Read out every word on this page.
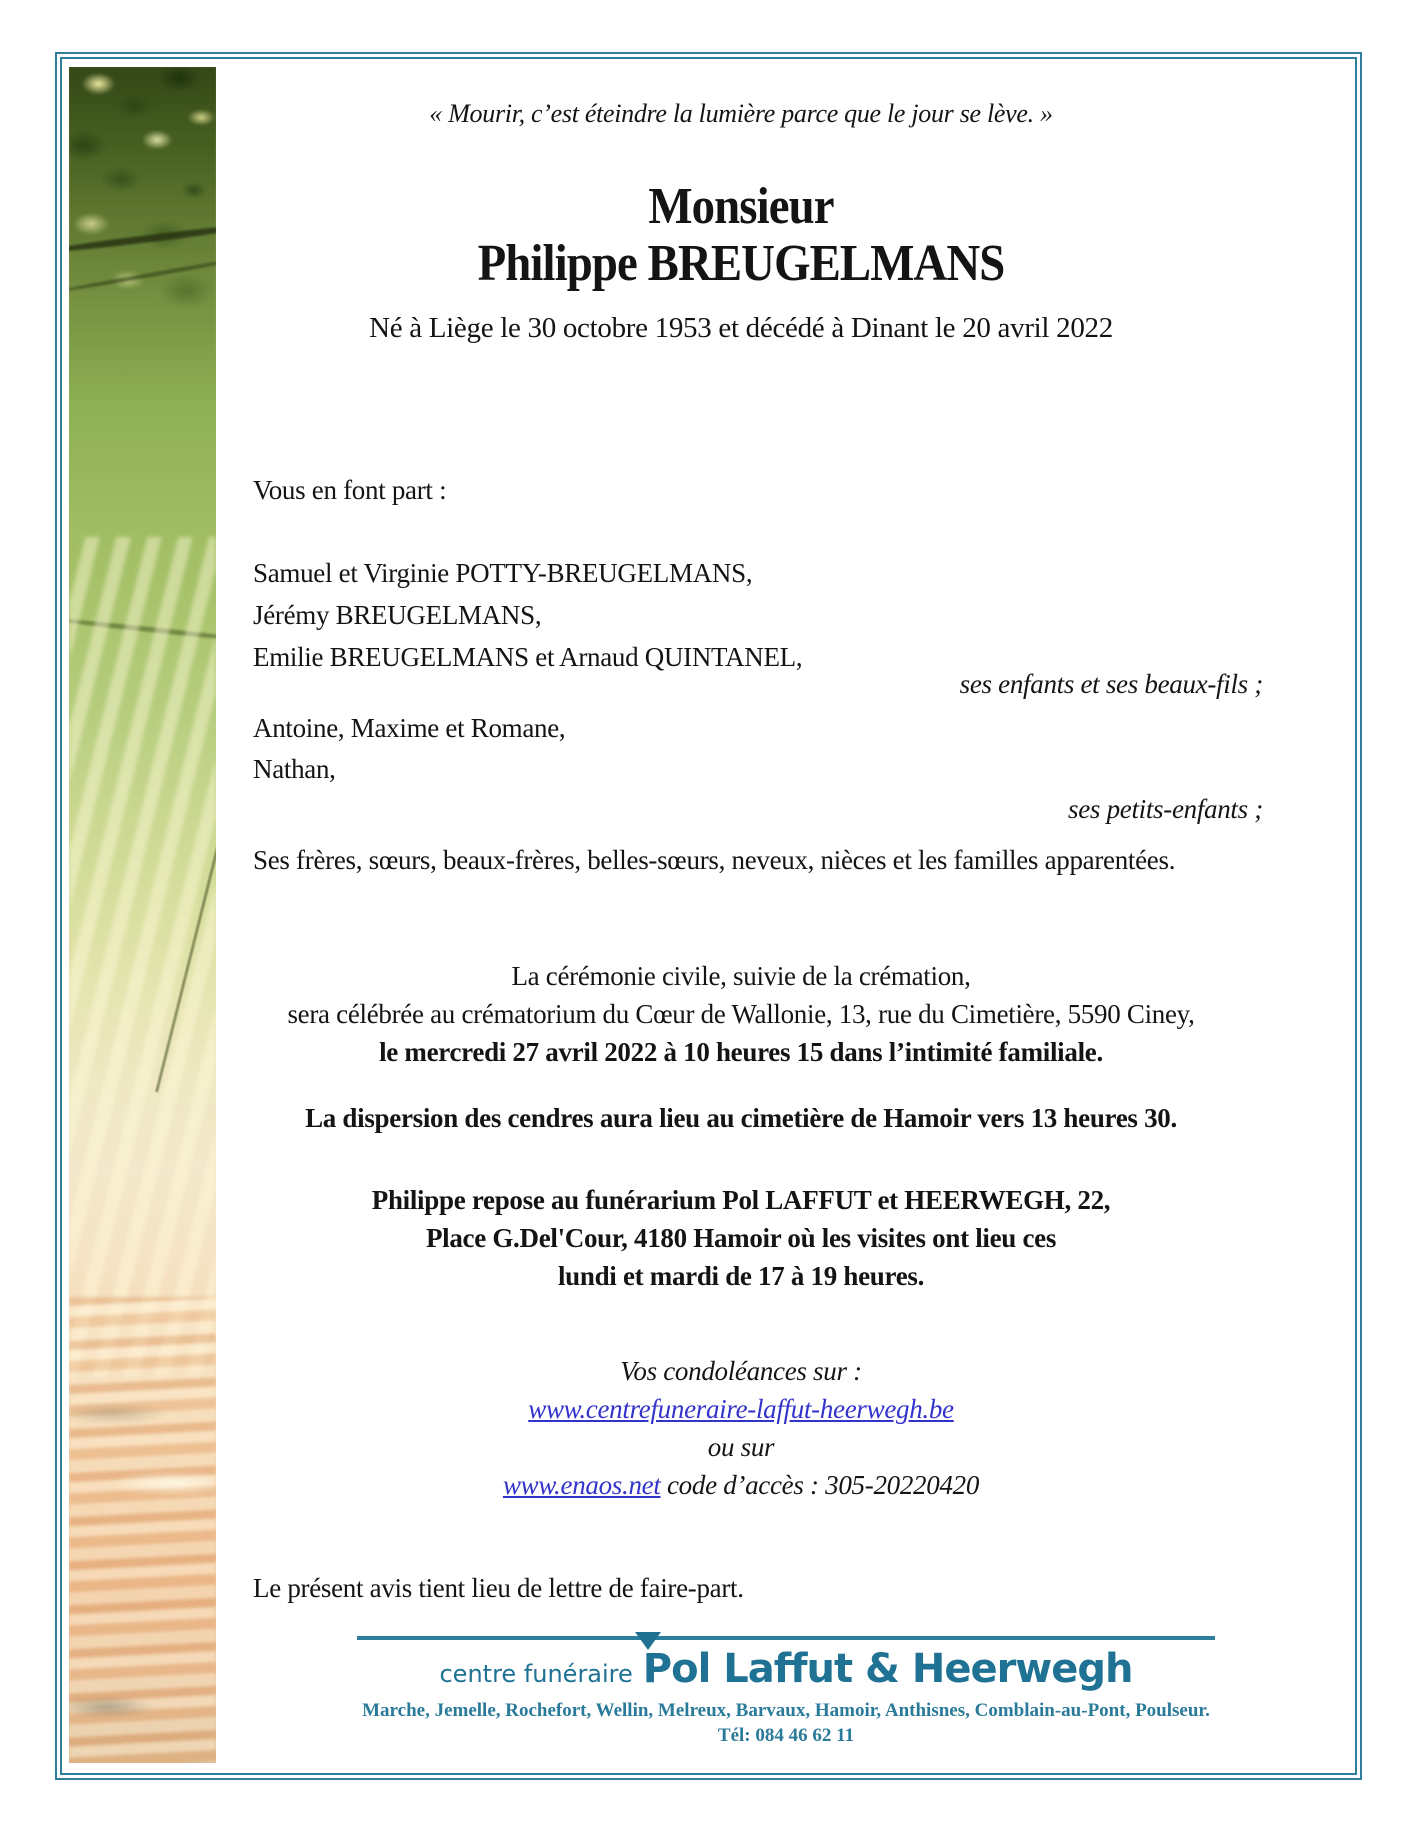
« Mourir, c’est éteindre la lumière parce que le jour se lève. »
Monsieur
Philippe BREUGELMANS
Né à Liège le 30 octobre 1953 et décédé à Dinant le 20 avril 2022
Vous en font part :
Samuel et Virginie POTTY-BREUGELMANS,
Jérémy BREUGELMANS,
Emilie BREUGELMANS et Arnaud QUINTANEL,
ses enfants et ses beaux-fils ;
Antoine, Maxime et Romane,
Nathan,
ses petits-enfants ;
Ses frères, sœurs, beaux-frères, belles-sœurs, neveux, nièces et les familles apparentées.
La cérémonie civile, suivie de la crémation,
sera célébrée au crématorium du Cœur de Wallonie, 13, rue du Cimetière, 5590 Ciney,
le mercredi 27 avril 2022 à 10 heures 15 dans l’intimité familiale.
La dispersion des cendres aura lieu au cimetière de Hamoir vers 13 heures 30.
Philippe repose au funérarium Pol LAFFUT et HEERWEGH, 22,
Place G.Del'Cour, 4180 Hamoir où les visites ont lieu ces
lundi et mardi de 17 à 19 heures.
Vos condoléances sur :
www.centrefuneraire-laffut-heerwegh.be
ou sur
www.enaos.net code d’accès : 305-20220420
Le présent avis tient lieu de lettre de faire-part.
centre funéraire Pol Laffut & Heerwegh
Marche, Jemelle, Rochefort, Wellin, Melreux, Barvaux, Hamoir, Anthisnes, Comblain-au-Pont, Poulseur.
Tél: 084 46 62 11
